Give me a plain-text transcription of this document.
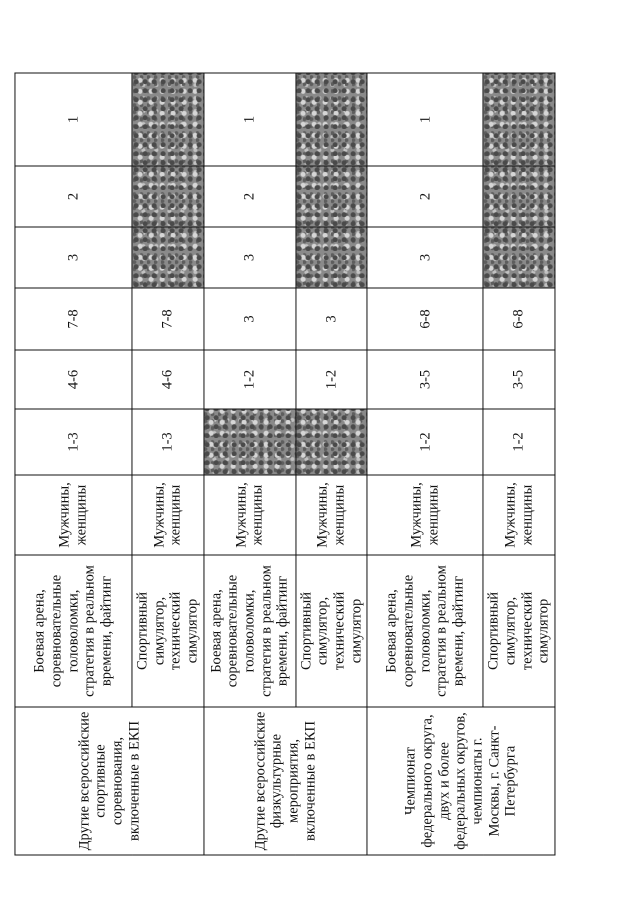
Другие всероссийские спортивные соревнования, включенные в ЕКП	Боевая арена, соревновательные головоломки, стратегия в реальном времени, файтинг	Мужчины, женщины	1-3	4-6	7-8	3	2	1
	Спортивный симулятор, технический симулятор	Мужчины, женщины	1-3	4-6	7-8			
Другие всероссийские физкультурные мероприятия, включенные в ЕКП	Боевая арена, соревновательные головоломки, стратегия в реальном времени, файтинг	Мужчины, женщины		1-2	3	3	2	1
	Спортивный симулятор, технический симулятор	Мужчины, женщины		1-2	3			
Чемпионат федерального округа, двух и более федеральных округов, чемпионаты г. Москвы, г. Санкт-Петербурга	Боевая арена, соревновательные головоломки, стратегия в реальном времени, файтинг	Мужчины, женщины	1-2	3-5	6-8	3	2	1
	Спортивный симулятор, технический симулятор	Мужчины, женщины	1-2	3-5	6-8			
